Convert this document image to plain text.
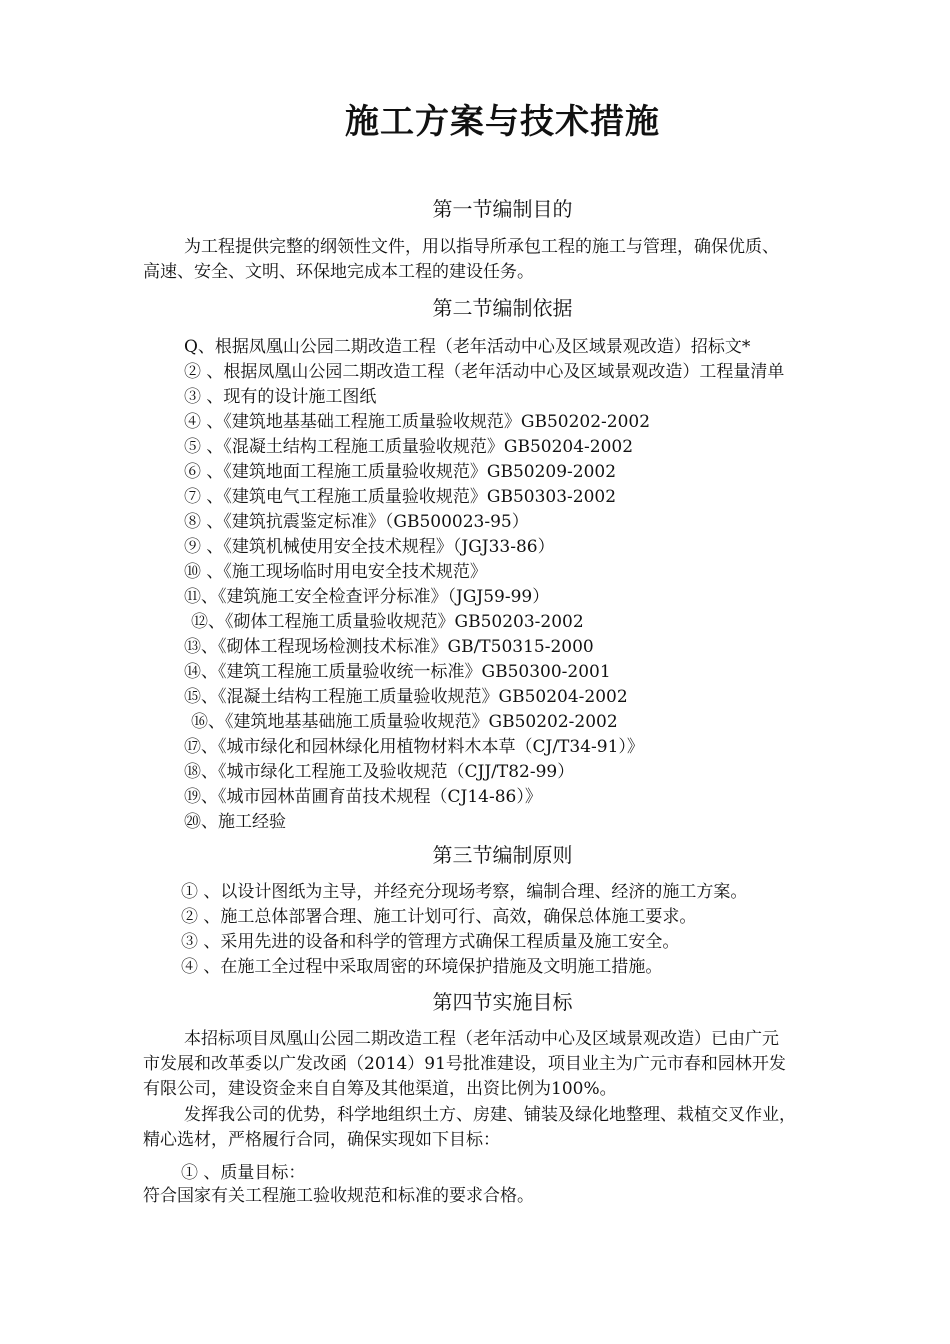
施工方案与技术措施
第一节编制目的
为工程提供完整的纲领性文件，用以指导所承包工程的施工与管理，确保优质、
高速、安全、文明、环保地完成本工程的建设任务。
第二节编制依据
Q、根据凤凰山公园二期改造工程（老年活动中心及区域景观改造）招标文*
② 、根据凤凰山公园二期改造工程（老年活动中心及区域景观改造）工程量清单
③ 、现有的设计施工图纸
④ 、《建筑地基基础工程施工质量验收规范》GB50202-2002
⑤ 、《混凝土结构工程施工质量验收规范》GB50204-2002
⑥ 、《建筑地面工程施工质量验收规范》GB50209-2002
⑦ 、《建筑电气工程施工质量验收规范》GB50303-2002
⑧ 、《建筑抗震鉴定标准》（GB500023-95）
⑨ 、《建筑机械使用安全技术规程》（JGJ33-86）
⑩ 、《施工现场临时用电安全技术规范》
⑪、《建筑施工安全检查评分标准》（JGJ59-99）
⑫、《砌体工程施工质量验收规范》GB50203-2002
⑬、《砌体工程现场检测技术标准》GB/T50315-2000
⑭、《建筑工程施工质量验收统一标准》GB50300-2001
⑮、《混凝土结构工程施工质量验收规范》GB50204-2002
⑯、《建筑地基基础施工质量验收规范》GB50202-2002
⑰、《城市绿化和园林绿化用植物材料木本草（CJ/T34-91）》
⑱、《城市绿化工程施工及验收规范（CJJ/T82-99）
⑲、《城市园林苗圃育苗技术规程（CJ14-86）》
⑳、施工经验
第三节编制原则
① 、以设计图纸为主导，并经充分现场考察，编制合理、经济的施工方案。
② 、施工总体部署合理、施工计划可行、高效，确保总体施工要求。
③ 、采用先进的设备和科学的管理方式确保工程质量及施工安全。
④ 、在施工全过程中采取周密的环境保护措施及文明施工措施。
第四节实施目标
本招标项目凤凰山公园二期改造工程（老年活动中心及区域景观改造）已由广元
市发展和改革委以广发改函（2014）91号批准建设，项目业主为广元市春和园林开发
有限公司，建设资金来自自筹及其他渠道，出资比例为100%。
发挥我公司的优势，科学地组织土方、房建、铺装及绿化地整理、栽植交叉作业，
精心选材，严格履行合同，确保实现如下目标：
① 、质量目标：
符合国家有关工程施工验收规范和标准的要求合格。
